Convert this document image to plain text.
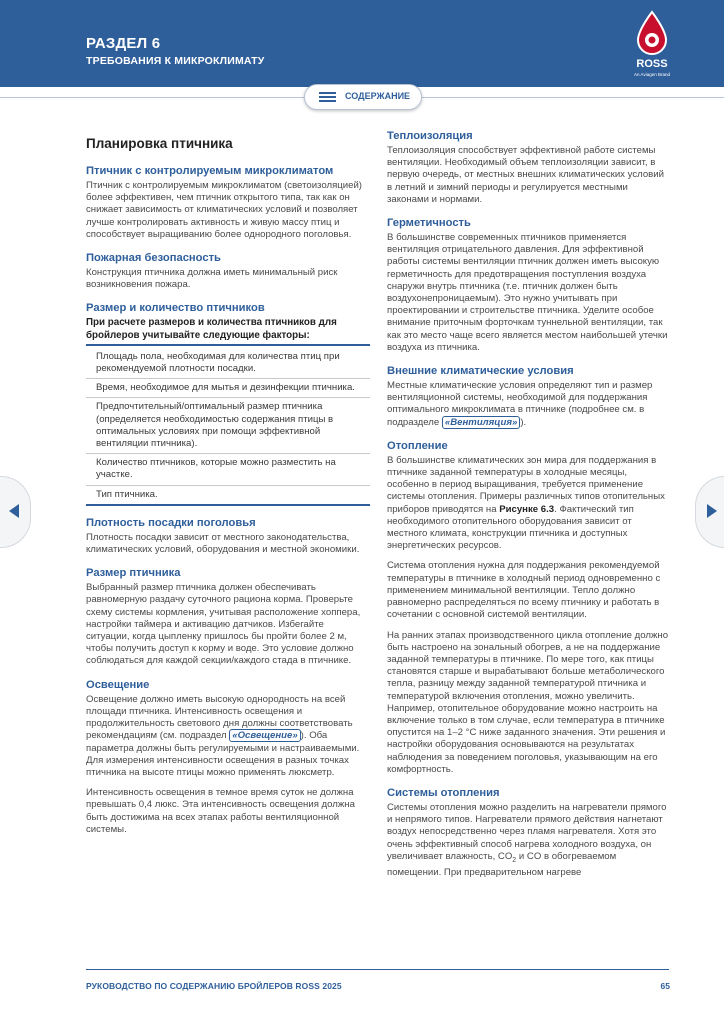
РАЗДЕЛ 6
ТРЕБОВАНИЯ К МИКРОКЛИМАТУ	ROSS
An Aviagen Brand
СОДЕРЖАНИЕ
Планировка птичника
Птичник с контролируемым микроклиматом
Птичник с контролируемым микроклиматом (светоизоляцией) более эффективен, чем птичник открытого типа, так как он снижает зависимость от климатических условий и позволяет лучше контролировать активность и живую массу птиц и способствует выращиванию более однородного поголовья.
Пожарная безопасность
Конструкция птичника должна иметь минимальный риск возникновения пожара.
Размер и количество птичников
При расчете размеров и количества птичников для бройлеров учитывайте следующие факторы:
Площадь пола, необходимая для количества птиц при рекомендуемой плотности посадки.
Время, необходимое для мытья и дезинфекции птичника.
Предпочтительный/оптимальный размер птичника (определяется необходимостью содержания птицы в оптимальных условиях при помощи эффективной вентиляции птичника).
Количество птичников, которые можно разместить на участке.
Тип птичника.
Плотность посадки поголовья
Плотность посадки зависит от местного законодательства, климатических условий, оборудования и местной экономики.
Размер птичника
Выбранный размер птичника должен обеспечивать равномерную раздачу суточного рациона корма. Проверьте схему системы кормления, учитывая расположение хоппера, настройки таймера и активацию датчиков. Избегайте ситуации, когда цыпленку пришлось бы пройти более 2 м, чтобы получить доступ к корму и воде. Это условие должно соблюдаться для каждой секции/каждого стада в птичнике.
Освещение
Освещение должно иметь высокую однородность на всей площади птичника. Интенсивность освещения и продолжительность светового дня должны соответствовать рекомендациям (см. подраздел «Освещение» ). Оба параметра должны быть регулируемыми и настраиваемыми. Для измерения интенсивности освещения в разных точках птичника на высоте птицы можно применять люксметр.
Интенсивность освещения в темное время суток не должна превышать 0,4 люкс. Эта интенсивность освещения должна быть достижима на всех этапах работы вентиляционной системы.
Теплоизоляция
Теплоизоляция способствует эффективной работе системы вентиляции. Необходимый объем теплоизоляции зависит, в первую очередь, от местных внешних климатических условий в летний и зимний периоды и регулируется местными законами и нормами.
Герметичность
В большинстве современных птичников применяется вентиляция отрицательного давления. Для эффективной работы системы вентиляции птичник должен иметь высокую герметичность для предотвращения поступления воздуха снаружи внутрь птичника (т.е. птичник должен быть воздухонепроницаемым). Это нужно учитывать при проектировании и строительстве птичника. Уделите особое внимание приточным форточкам туннельной вентиляции, так как это место чаще всего является местом наибольшей утечки воздуха из птичника.
Внешние климатические условия
Местные климатические условия определяют тип и размер вентиляционной системы, необходимой для поддержания оптимального микроклимата в птичнике (подробнее см. в подразделе «Вентиляция» ).
Отопление
В большинстве климатических зон мира для поддержания в птичнике заданной температуры в холодные месяцы, особенно в период выращивания, требуется применение системы отопления. Примеры различных типов отопительных приборов приводятся на Рисунке 6.3. Фактический тип необходимого отопительного оборудования зависит от местного климата, конструкции птичника и доступных энергетических ресурсов.
Система отопления нужна для поддержания рекомендуемой температуры в птичнике в холодный период одновременно с применением минимальной вентиляции. Тепло должно равномерно распределяться по всему птичнику и работать в сочетании с основной системой вентиляции.
На ранних этапах производственного цикла отопление должно быть настроено на зональный обогрев, а не на поддержание заданной температуры в птичнике. По мере того, как птицы становятся старше и вырабатывают больше метаболического тепла, разницу между заданной температурой птичника и температурой включения отопления, можно увеличить. Например, отопительное оборудование можно настроить на включение только в том случае, если температура в птичнике опустится на 1–2 °C ниже заданного значения. Эти решения и настройки оборудования основываются на результатах наблюдения за поведением поголовья, указывающим на его комфортность.
Системы отопления
Системы отопления можно разделить на нагреватели прямого и непрямого типов. Нагреватели прямого действия нагнетают воздух непосредственно через пламя нагревателя. Хотя это очень эффективный способ нагрева холодного воздуха, он увеличивает влажность, $CO_2$ и CO в обогреваемом помещении. При предварительном нагреве
РУКОВОДСТВО ПО СОДЕРЖАНИЮ БРОЙЛЕРОВ ROSS 2025	65
